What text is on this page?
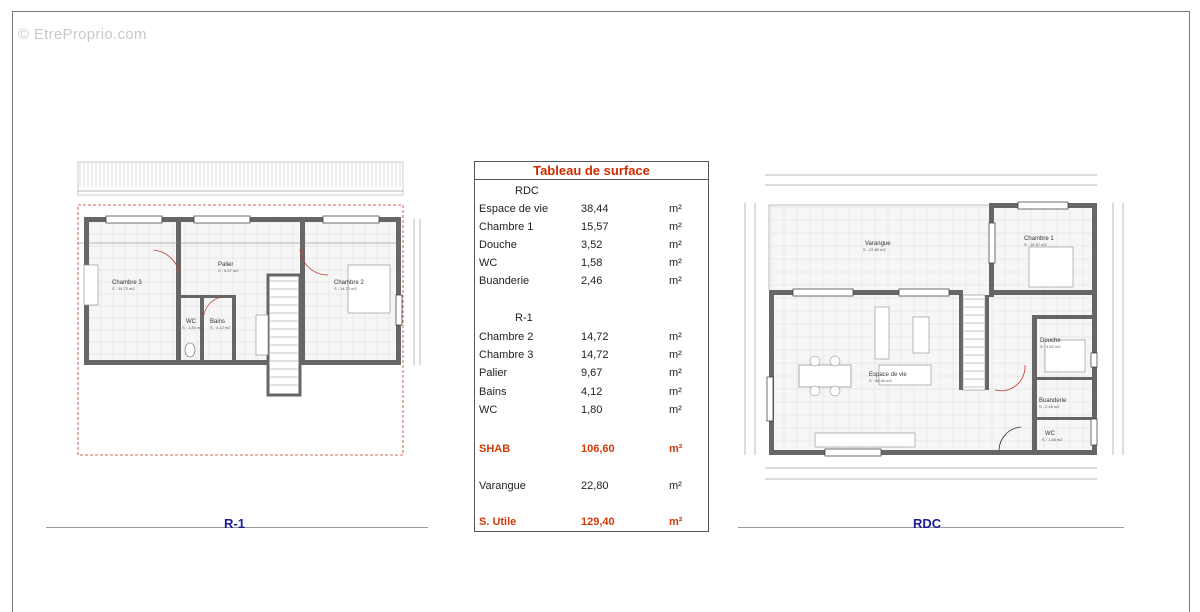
© EtreProprio.com
Chambre 3
S : 14.72 m2
Palier
S : 9.67 m2
Chambre 2
S : 14.72 m2
WC
S : 1.80 m2
Bains
S : 4.12 m2
R-1
Tableau de surface
RDC
Espace de vie	38,44	m²
Chambre 1	15,57	m²
Douche	3,52	m²
WC	1,58	m²
Buanderie	2,46	m²
R-1
Chambre 2	14,72	m²
Chambre 3	14,72	m²
Palier	9,67	m²
Bains	4,12	m²
WC	1,80	m²
SHAB	106,60	m²
Varangue	22,80	m²
S. Utile	129,40	m²
Varangue
S : 22.80 m2
Chambre 1
S : 15.57 m2
Espace de vie
S : 38.44 m2
Douche
S : 3.52 m2
Buanderie
S : 2.46 m2
WC
S : 1.58 m2
RDC
